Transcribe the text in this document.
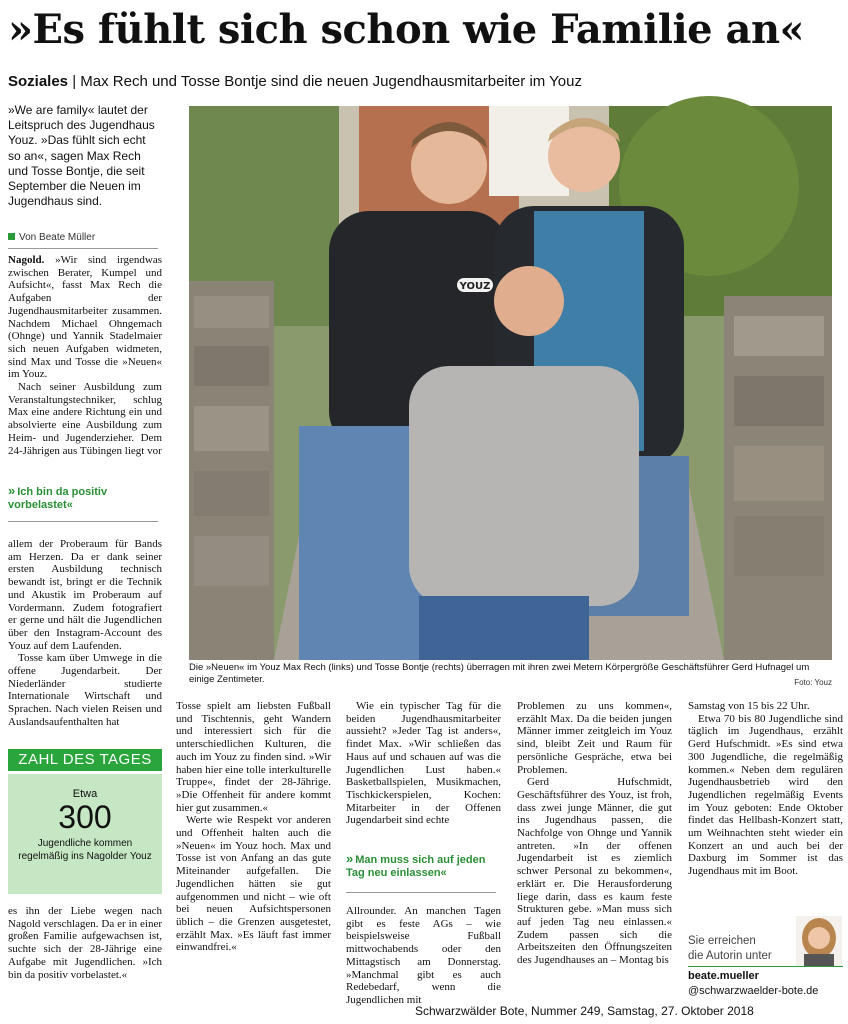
»Es fühlt sich schon wie Familie an«
Soziales | Max Rech und Tosse Bontje sind die neuen Jugendhausmitarbeiter im Youz
»We are family« lautet der Leitspruch des Jugendhaus Youz. »Das fühlt sich echt so an«, sagen Max Rech und Tosse Bontje, die seit September die Neuen im Jugendhaus sind.
Von Beate Müller

Nagold. »Wir sind irgendwas zwischen Berater, Kumpel und Aufsicht«, fasst Max Rech die Aufgaben der Jugendhausmitarbeiter zusammen. Nachdem Michael Ohngemach (Ohnge) und Yannik Stadelmaier sich neuen Aufgaben widmeten, sind Max und Tosse die »Neuen« im Youz.

Nach seiner Ausbildung zum Veranstaltungstechniker, schlug Max eine andere Richtung ein und absolvierte eine Ausbildung zum Heim- und Jugenderzieher. Dem 24-Jährigen aus Tübingen liegt vor

» Ich bin da positiv vorbelastet«

allem der Proberaum für Bands am Herzen. Da er dank seiner ersten Ausbildung technisch bewandt ist, bringt er die Technik und Akustik im Proberaum auf Vordermann. Zudem fotografiert er gerne und hält die Jugendlichen über den Instagram-Account des Youz auf dem Laufenden.

Tosse kam über Umwege in die offene Jugendarbeit. Der Niederländer studierte Internationale Wirtschaft und Sprachen. Nach vielen Reisen und Auslandsaufenthalten hat

ZAHL DES TAGES
Etwa
300
Jugendliche kommen regelmäßig ins Nagolder Youz

es ihn der Liebe wegen nach Nagold verschlagen. Da er in einer großen Familie aufgewachsen ist, suchte sich der 28-Jährige eine Aufgabe mit Jugendlichen. »Ich bin da positiv vorbelastet.«

YOUZ
Die »Neuen« im Youz Max Rech (links) und Tosse Bontje (rechts) überragen mit ihren zwei Metern Körpergröße Geschäftsführer Gerd Hufnagel um einige Zentimeter.	Foto: Youz

Tosse spielt am liebsten Fußball und Tischtennis, geht Wandern und interessiert sich für die unterschiedlichen Kulturen, die auch im Youz zu finden sind. »Wir haben hier eine tolle interkulturelle Truppe«, findet der 28-Jährige. »Die Offenheit für andere kommt hier gut zusammen.«

Werte wie Respekt vor anderen und Offenheit halten auch die »Neuen« im Youz hoch. Max und Tosse ist von Anfang an das gute Miteinander aufgefallen. Die Jugendlichen hätten sie gut aufgenommen und nicht – wie oft bei neuen Aufsichtspersonen üblich – die Grenzen ausgetestet, erzählt Max. »Es läuft fast immer einwandfrei.«

Wie ein typischer Tag für die beiden Jugendhausmitarbeiter aussieht? »Jeder Tag ist anders«, findet Max. »Wir schließen das Haus auf und schauen auf was die Jugendlichen Lust haben.« Basketballspielen, Musikmachen, Tischkickerspielen, Kochen: Mitarbeiter in der Offenen Jugendarbeit sind echte

» Man muss sich auf jeden Tag neu einlassen«

Allrounder. An manchen Tagen gibt es feste AGs – wie beispielsweise Fußball mittwochabends oder den Mittagstisch am Donnerstag. »Manchmal gibt es auch Redebedarf, wenn die Jugendlichen mit

Problemen zu uns kommen«, erzählt Max. Da die beiden jungen Männer immer zeitgleich im Youz sind, bleibt Zeit und Raum für persönliche Gespräche, etwa bei Problemen.

Gerd Hufschmidt, Geschäftsführer des Youz, ist froh, dass zwei junge Männer, die gut ins Jugendhaus passen, die Nachfolge von Ohnge und Yannik antreten. »In der offenen Jugendarbeit ist es ziemlich schwer Personal zu bekommen«, erklärt er. Die Herausforderung liege darin, dass es kaum feste Strukturen gebe. »Man muss sich auf jeden Tag neu einlassen.« Zudem passen sich die Arbeitszeiten den Öffnungszeiten des Jugendhauses an – Montag bis

Samstag von 15 bis 22 Uhr.

Etwa 70 bis 80 Jugendliche sind täglich im Jugendhaus, erzählt Gerd Hufschmidt. »Es sind etwa 300 Jugendliche, die regelmäßig kommen.« Neben dem regulären Jugendhausbetrieb wird den Jugendlichen regelmäßig Events im Youz geboten: Ende Oktober findet das Hellbash-Konzert statt, um Weihnachten steht wieder ein Konzert an und auch bei der Daxburg im Sommer ist das Jugendhaus mit im Boot.

Sie erreichen
die Autorin unter
beate.mueller
@schwarzwaelder-bote.de
Schwarzwälder Bote, Nummer 249, Samstag, 27. Oktober 2018
